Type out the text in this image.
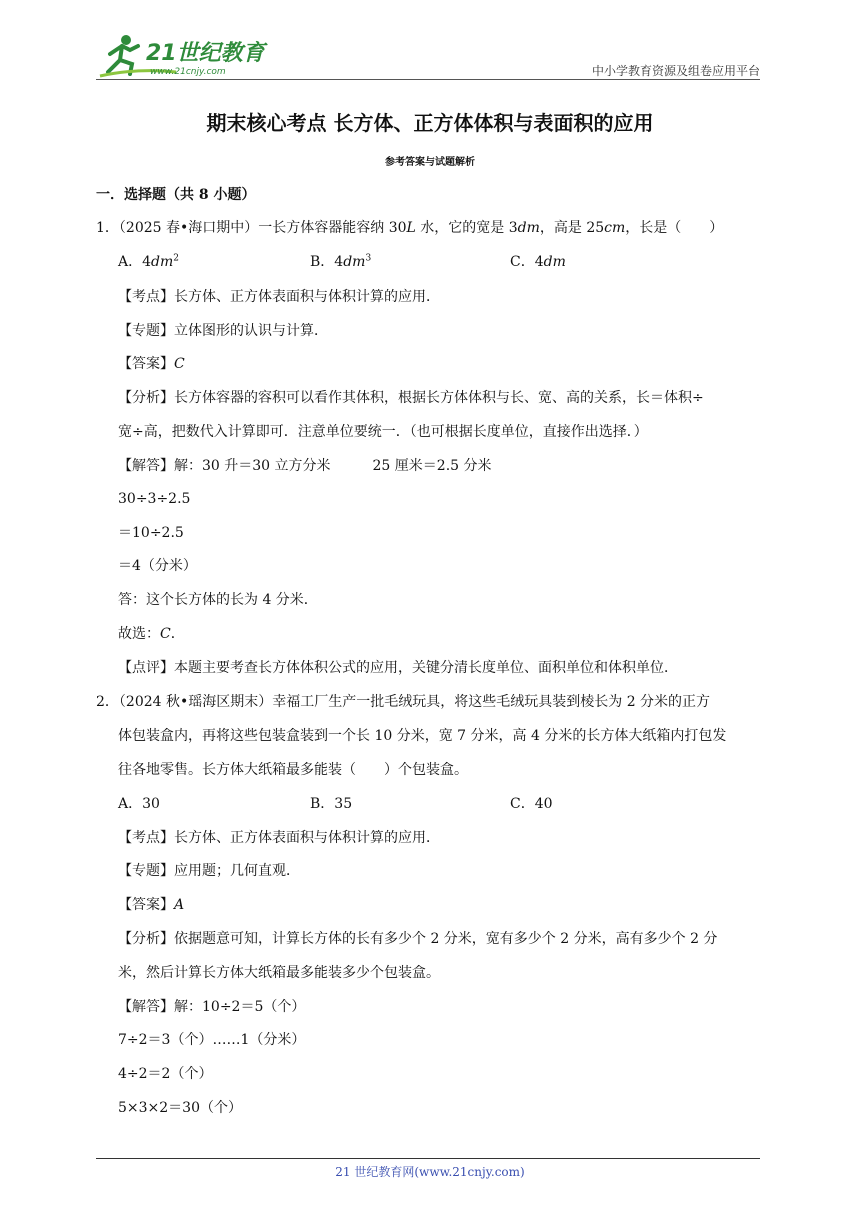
21世纪教育
www.21cnjy.com	中小学教育资源及组卷应用平台
期末核心考点 长方体、正方体体积与表面积的应用
参考答案与试题解析
一．选择题（共 8 小题）
1．（2025 春•海口期中）一长方体容器能容纳 30L 水，它的宽是 3dm，高是 25cm，长是（　　）
A．$4dm^2$	B．$4dm^3$	C．4dm
【考点】长方体、正方体表面积与体积计算的应用．
【专题】立体图形的认识与计算．
【答案】C
【分析】长方体容器的容积可以看作其体积，根据长方体体积与长、宽、高的关系，长＝体积÷
宽÷高，把数代入计算即可．注意单位要统一．（也可根据长度单位，直接作出选择．）
【解答】解：30 升＝30 立方分米　　　25 厘米＝2.5 分米
30÷3÷2.5
＝10÷2.5
＝4（分米）
答：这个长方体的长为 4 分米．
故选：C．
【点评】本题主要考查长方体体积公式的应用，关键分清长度单位、面积单位和体积单位．
2．（2024 秋•瑶海区期末）幸福工厂生产一批毛绒玩具，将这些毛绒玩具装到棱长为 2 分米的正方
体包装盒内，再将这些包装盒装到一个长 10 分米，宽 7 分米，高 4 分米的长方体大纸箱内打包发
往各地零售。长方体大纸箱最多能装（　　）个包装盒。
A．30	B．35	C．40
【考点】长方体、正方体表面积与体积计算的应用．
【专题】应用题；几何直观．
【答案】A
【分析】依据题意可知，计算长方体的长有多少个 2 分米，宽有多少个 2 分米，高有多少个 2 分
米，然后计算长方体大纸箱最多能装多少个包装盒。
【解答】解：10÷2＝5（个）
7÷2＝3（个）……1（分米）
4÷2＝2（个）
5×3×2＝30（个）
21 世纪教育网(www.21cnjy.com)
